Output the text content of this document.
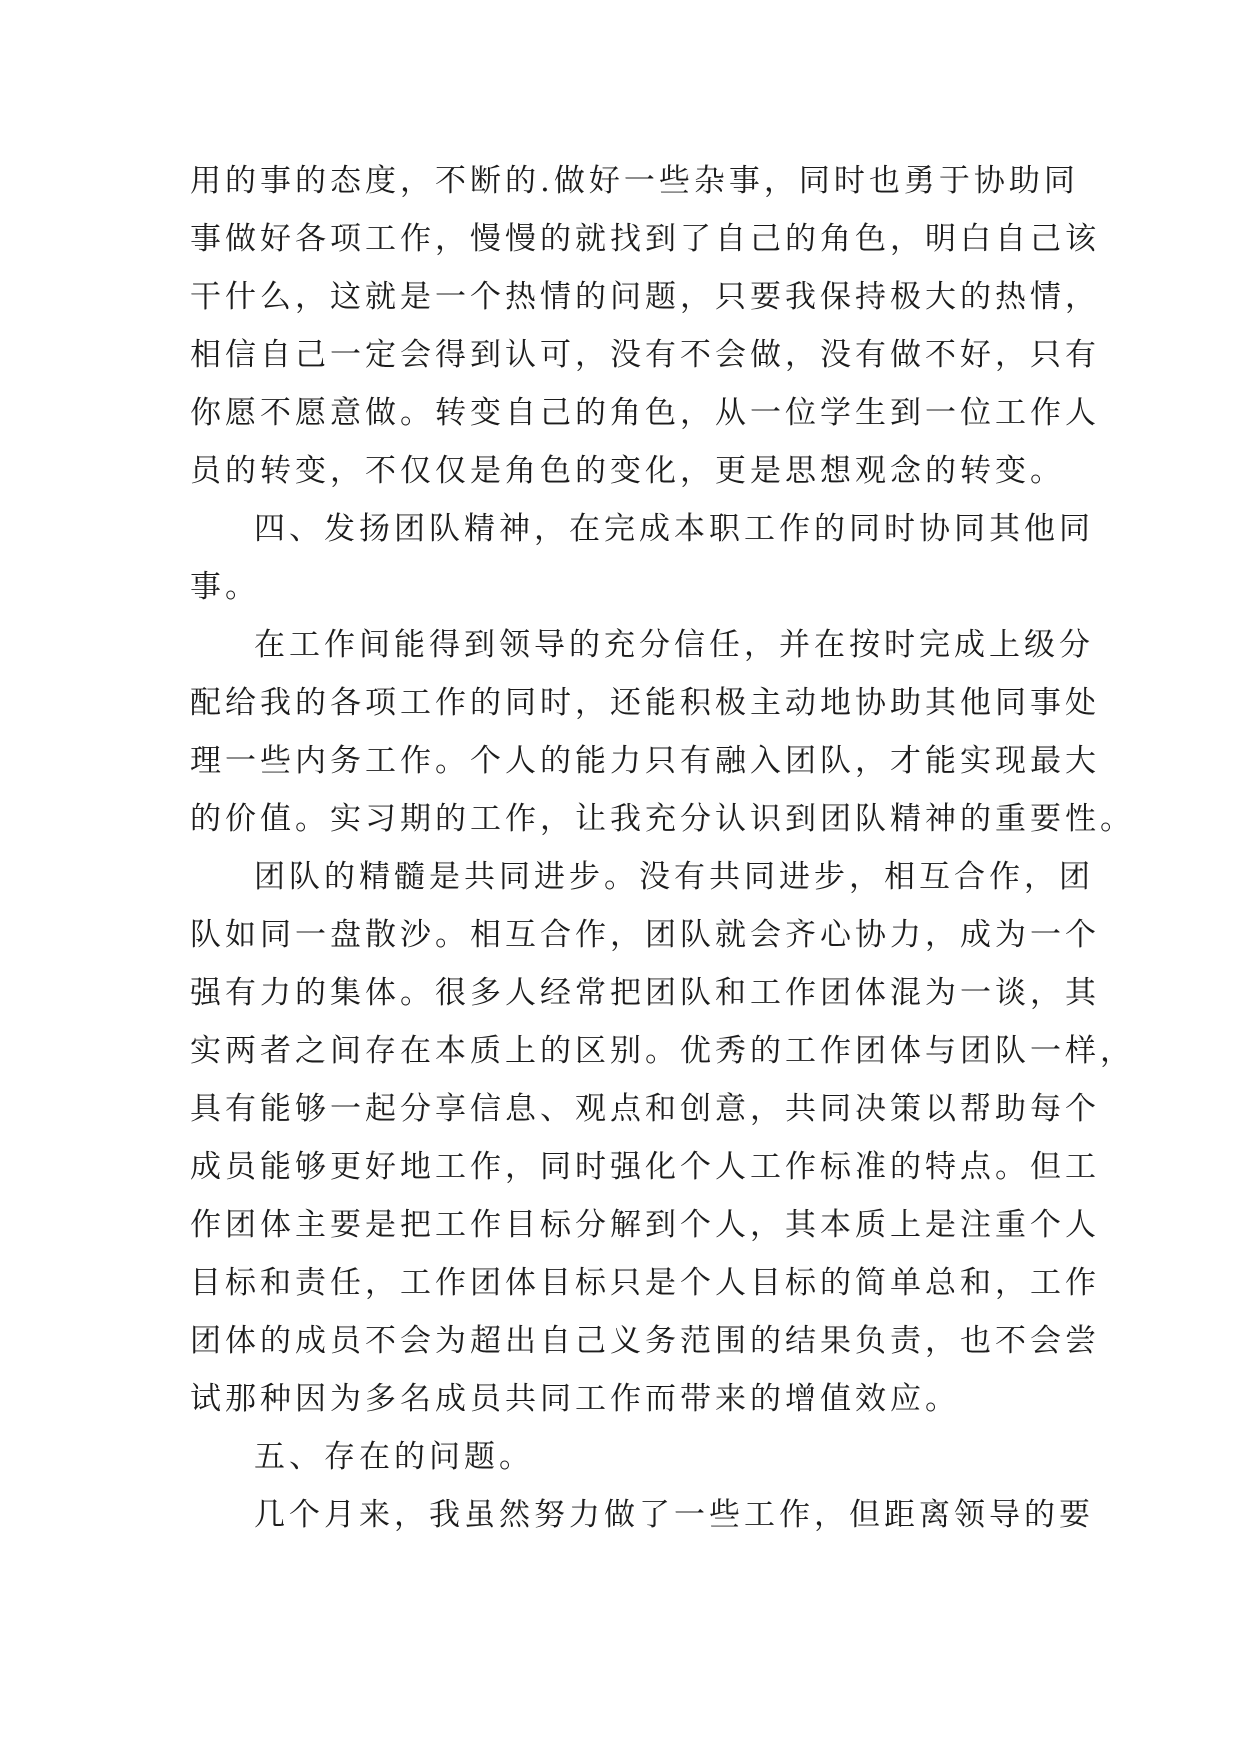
用的事的态度，不断的.做好一些杂事，同时也勇于协助同
事做好各项工作，慢慢的就找到了自己的角色，明白自己该
干什么，这就是一个热情的问题，只要我保持极大的热情，
相信自己一定会得到认可，没有不会做，没有做不好，只有
你愿不愿意做。转变自己的角色，从一位学生到一位工作人
员的转变，不仅仅是角色的变化，更是思想观念的转变。
四、发扬团队精神，在完成本职工作的同时协同其他同
事。
在工作间能得到领导的充分信任，并在按时完成上级分
配给我的各项工作的同时，还能积极主动地协助其他同事处
理一些内务工作。个人的能力只有融入团队，才能实现最大
的价值。实习期的工作，让我充分认识到团队精神的重要性。
团队的精髓是共同进步。没有共同进步，相互合作，团
队如同一盘散沙。相互合作，团队就会齐心协力，成为一个
强有力的集体。很多人经常把团队和工作团体混为一谈，其
实两者之间存在本质上的区别。优秀的工作团体与团队一样，
具有能够一起分享信息、观点和创意，共同决策以帮助每个
成员能够更好地工作，同时强化个人工作标准的特点。但工
作团体主要是把工作目标分解到个人，其本质上是注重个人
目标和责任，工作团体目标只是个人目标的简单总和，工作
团体的成员不会为超出自己义务范围的结果负责，也不会尝
试那种因为多名成员共同工作而带来的增值效应。
五、存在的问题。
几个月来，我虽然努力做了一些工作，但距离领导的要
